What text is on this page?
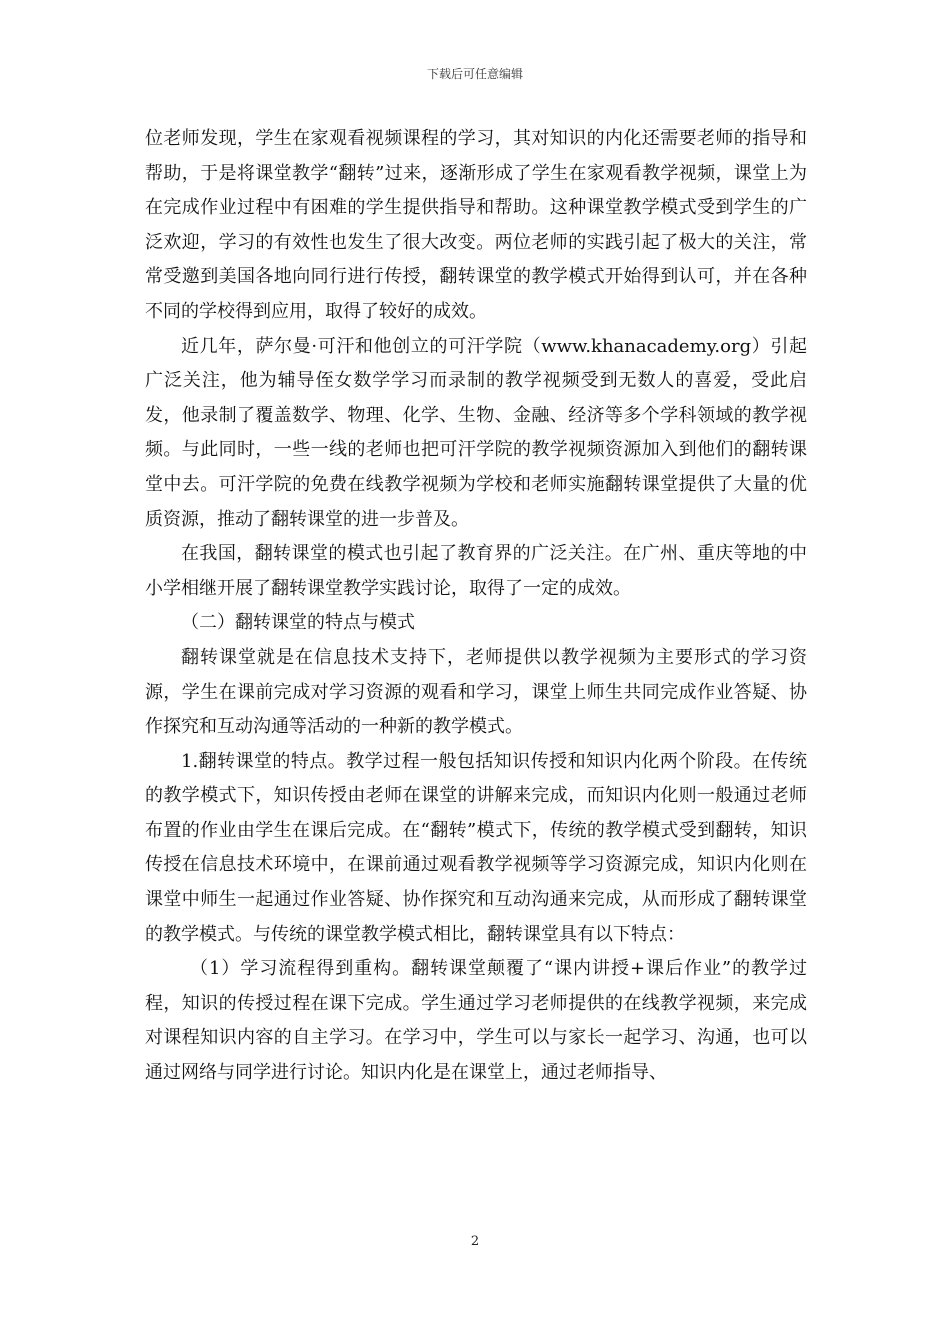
下载后可任意编辑

位老师发现，学生在家观看视频课程的学习，其对知识的内化还需要老师的指导和帮助，于是将课堂教学“翻转”过来，逐渐形成了学生在家观看教学视频，课堂上为在完成作业过程中有困难的学生提供指导和帮助。这种课堂教学模式受到学生的广泛欢迎，学习的有效性也发生了很大改变。两位老师的实践引起了极大的关注，常常受邀到美国各地向同行进行传授，翻转课堂的教学模式开始得到认可，并在各种不同的学校得到应用，取得了较好的成效。

近几年，萨尔曼·可汗和他创立的可汗学院（www.khanacademy.org）引起广泛关注，他为辅导侄女数学学习而录制的教学视频受到无数人的喜爱，受此启发，他录制了覆盖数学、物理、化学、生物、金融、经济等多个学科领域的教学视频。与此同时，一些一线的老师也把可汗学院的教学视频资源加入到他们的翻转课堂中去。可汗学院的免费在线教学视频为学校和老师实施翻转课堂提供了大量的优质资源，推动了翻转课堂的进一步普及。

在我国，翻转课堂的模式也引起了教育界的广泛关注。在广州、重庆等地的中小学相继开展了翻转课堂教学实践讨论，取得了一定的成效。

（二）翻转课堂的特点与模式

翻转课堂就是在信息技术支持下，老师提供以教学视频为主要形式的学习资源，学生在课前完成对学习资源的观看和学习，课堂上师生共同完成作业答疑、协作探究和互动沟通等活动的一种新的教学模式。

1.翻转课堂的特点。教学过程一般包括知识传授和知识内化两个阶段。在传统的教学模式下，知识传授由老师在课堂的讲解来完成，而知识内化则一般通过老师布置的作业由学生在课后完成。在“翻转”模式下，传统的教学模式受到翻转，知识传授在信息技术环境中，在课前通过观看教学视频等学习资源完成，知识内化则在课堂中师生一起通过作业答疑、协作探究和互动沟通来完成，从而形成了翻转课堂的教学模式。与传统的课堂教学模式相比，翻转课堂具有以下特点：

（1）学习流程得到重构。翻转课堂颠覆了“课内讲授+课后作业”的教学过程，知识的传授过程在课下完成。学生通过学习老师提供的在线教学视频，来完成对课程知识内容的自主学习。在学习中，学生可以与家长一起学习、沟通，也可以通过网络与同学进行讨论。知识内化是在课堂上，通过老师指导、

2
